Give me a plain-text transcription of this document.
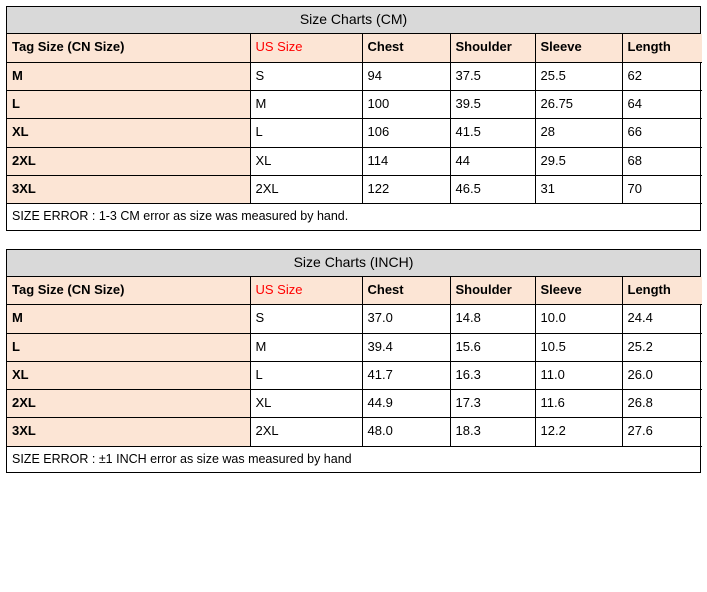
Size Charts (CM)
Tag Size (CN Size)	US Size	Chest	Shoulder	Sleeve	Length
M	S	94	37.5	25.5	62
L	M	100	39.5	26.75	64
XL	L	106	41.5	28	66
2XL	XL	114	44	29.5	68
3XL	2XL	122	46.5	31	70
SIZE ERROR : 1-3 CM error as size was measured by hand.
Size Charts (INCH)
Tag Size (CN Size)	US Size	Chest	Shoulder	Sleeve	Length
M	S	37.0	14.8	10.0	24.4
L	M	39.4	15.6	10.5	25.2
XL	L	41.7	16.3	11.0	26.0
2XL	XL	44.9	17.3	11.6	26.8
3XL	2XL	48.0	18.3	12.2	27.6
SIZE ERROR : ±1 INCH error as size was measured by hand
